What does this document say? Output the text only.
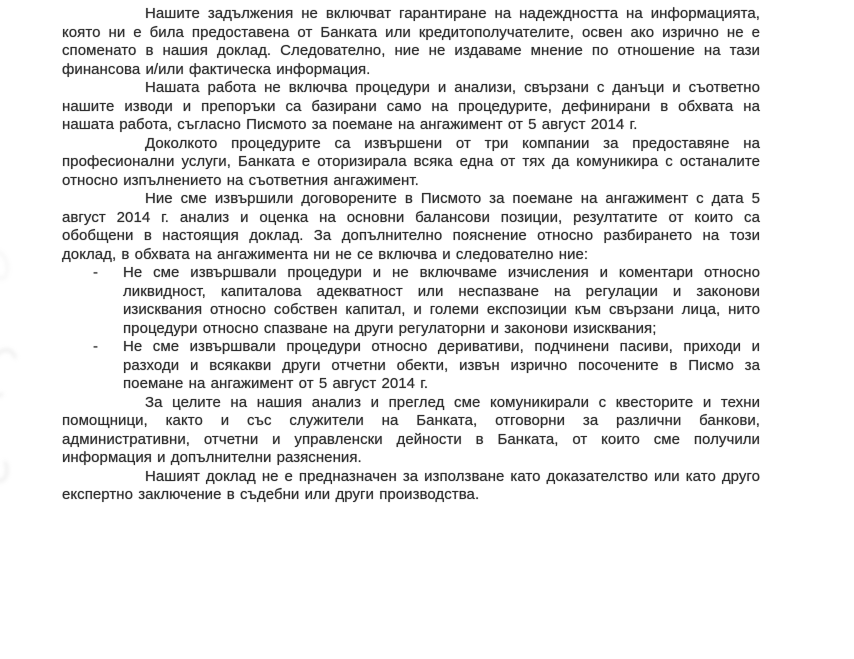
Нашите задължения не включват гарантиране на надеждността на информацията, която ни е била предоставена от Банката или кредитополучателите, освен ако изрично не е споменато в нашия доклад. Следователно, ние не издаваме мнение по отношение на тази финансова и/или фактическа информация.

Нашата работа не включва процедури и анализи, свързани с данъци и съответно нашите изводи и препоръки са базирани само на процедурите, дефинирани в обхвата на нашата работа, съгласно Писмото за поемане на ангажимент от 5 август 2014 г.

Доколкото процедурите са извършени от три компании за предоставяне на професионални услуги, Банката е оторизирала всяка една от тях да комуникира с останалите относно изпълнението на съответния ангажимент.

Ние сме извършили договорените в Писмото за поемане на ангажимент с дата 5 август 2014 г. анализ и оценка на основни балансови позиции, резултатите от които са обобщени в настоящия доклад. За допълнително пояснение относно разбирането на този доклад, в обхвата на ангажимента ни не се включва и следователно ние:

- Не сме извършвали процедури и не включваме изчисления и коментари относно ликвидност, капиталова адекватност или неспазване на регулации и законови изисквания относно собствен капитал, и големи експозиции към свързани лица, нито процедури относно спазване на други регулаторни и законови изисквания;
- Не сме извършвали процедури относно деривативи, подчинени пасиви, приходи и разходи и всякакви други отчетни обекти, извън изрично посочените в Писмо за поемане на ангажимент от 5 август 2014 г.

За целите на нашия анализ и преглед сме комуникирали с квесторите и техни помощници, както и със служители на Банката, отговорни за различни банкови, административни, отчетни и управленски дейности в Банката, от които сме получили информация и допълнителни разяснения.

Нашият доклад не е предназначен за използване като доказателство или като друго експертно заключение в съдебни или други производства.
